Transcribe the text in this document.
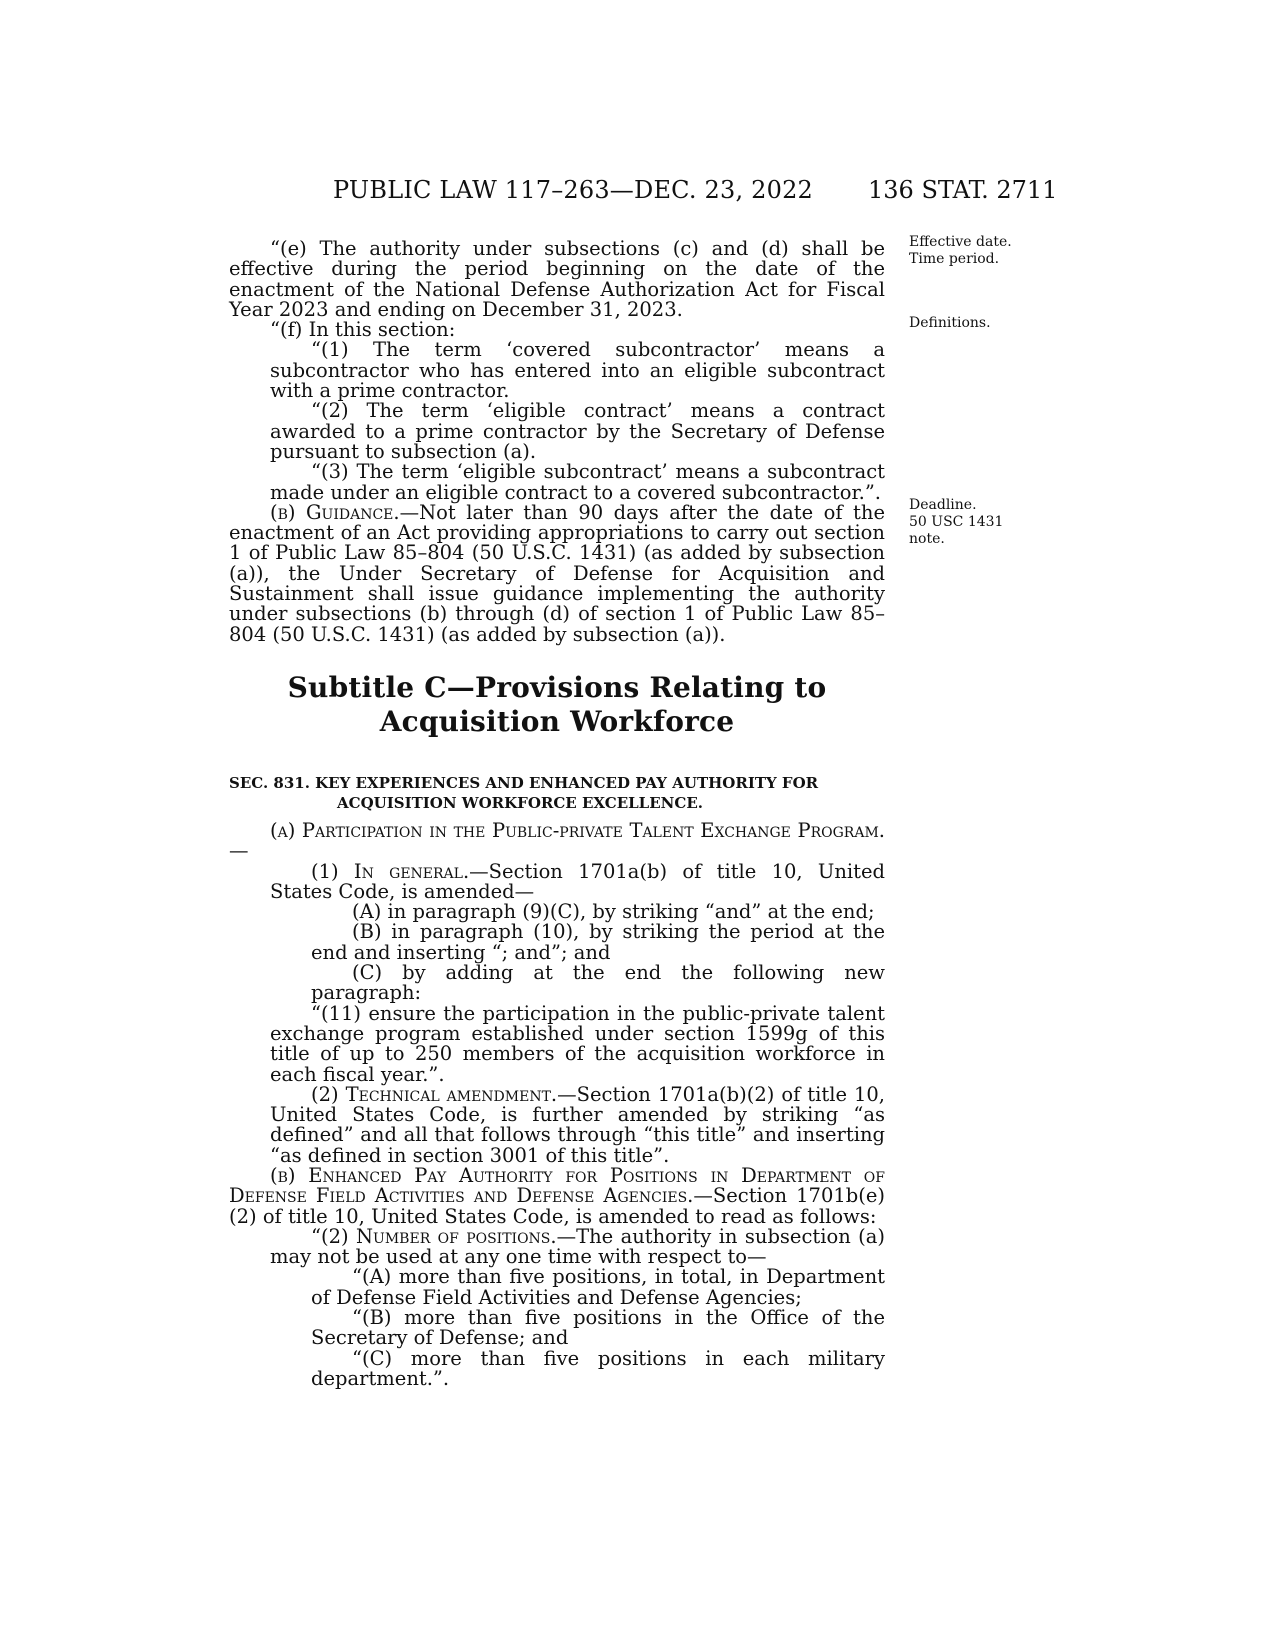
PUBLIC LAW 117–263—DEC. 23, 2022 136 STAT. 2711
Effective date.
Time period.
Definitions.
Deadline.
50 USC 1431
note.

“(e) The authority under subsections (c) and (d) shall be effective during the period beginning on the date of the enactment of the National Defense Authorization Act for Fiscal Year 2023 and ending on December 31, 2023.

“(f) In this section:

“(1) The term ‘covered subcontractor’ means a subcontractor who has entered into an eligible subcontract with a prime contractor.

“(2) The term ‘eligible contract’ means a contract awarded to a prime contractor by the Secretary of Defense pursuant to subsection (a).

“(3) The term ‘eligible subcontract’ means a subcontract made under an eligible contract to a covered subcontractor.”.

(b) Guidance.—Not later than 90 days after the date of the enactment of an Act providing appropriations to carry out section 1 of Public Law 85–804 (50 U.S.C. 1431) (as added by subsection (a)), the Under Secretary of Defense for Acquisition and Sustainment shall issue guidance implementing the authority under subsections (b) through (d) of section 1 of Public Law 85–804 (50 U.S.C. 1431) (as added by subsection (a)).

Subtitle C—Provisions Relating to
Acquisition Workforce
SEC. 831. KEY EXPERIENCES AND ENHANCED PAY AUTHORITY FOR
ACQUISITION WORKFORCE EXCELLENCE.

(a) Participation in the Public-private Talent Exchange Program.—

(1) In general.—Section 1701a(b) of title 10, United States Code, is amended—

(A) in paragraph (9)(C), by striking “and” at the end;

(B) in paragraph (10), by striking the period at the end and inserting “; and”; and

(C) by adding at the end the following new paragraph:

“(11) ensure the participation in the public-private talent exchange program established under section 1599g of this title of up to 250 members of the acquisition workforce in each fiscal year.”.

(2) Technical amendment.—Section 1701a(b)(2) of title 10, United States Code, is further amended by striking “as defined” and all that follows through “this title” and inserting “as defined in section 3001 of this title”.

(b) Enhanced Pay Authority for Positions in Department of Defense Field Activities and Defense Agencies.—Section 1701b(e)(2) of title 10, United States Code, is amended to read as follows:

“(2) Number of positions.—The authority in subsection (a) may not be used at any one time with respect to—

“(A) more than five positions, in total, in Department of Defense Field Activities and Defense Agencies;

“(B) more than five positions in the Office of the Secretary of Defense; and

“(C) more than five positions in each military department.”.
